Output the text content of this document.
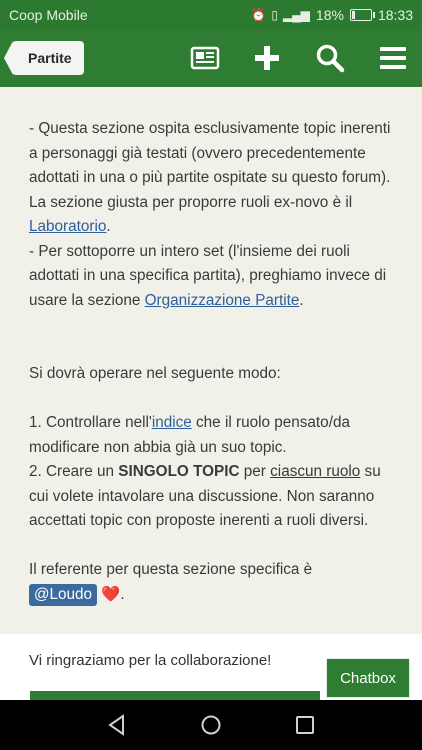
Coop Mobile	⏰ ▯ ▂▄▆ 18% 18:33
Partite

- Questa sezione ospita esclusivamente topic inerenti a personaggi già testati (ovvero precedentemente adottati in una o più partite ospitate su questo forum). La sezione giusta per proporre ruoli ex-novo è il Laboratorio.

- Per sottoporre un intero set (l'insieme dei ruoli adottati in una specifica partita), preghiamo invece di usare la sezione Organizzazione Partite.

Si dovrà operare nel seguente modo:

1. Controllare nell'indice che il ruolo pensato/da modificare non abbia già un suo topic.

2. Creare un SINGOLO TOPIC per ciascun ruolo su cui volete intavolare una discussione. Non saranno accettati topic con proposte inerenti a ruoli diversi.

Il referente per questa sezione specifica è

@Loudo ❤️.

Vi ringraziamo per la collaborazione!
Chatbox
